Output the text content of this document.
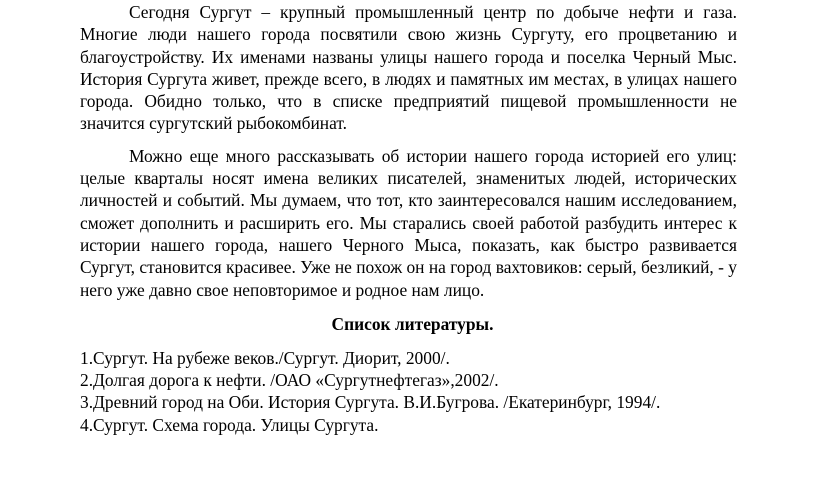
Сегодня Сургут – крупный промышленный центр по добыче нефти и газа. Многие люди нашего города посвятили свою жизнь Сургуту, его процветанию и благоустройству. Их именами названы улицы нашего города и поселка Черный Мыс. История Сургута живет, прежде всего, в людях и памятных им местах, в улицах нашего города. Обидно только, что в списке предприятий пищевой промышленности не значится сургутский рыбокомбинат.

Можно еще много рассказывать об истории нашего города историей его улиц: целые кварталы носят имена великих писателей, знаменитых людей, исторических личностей и событий. Мы думаем, что тот, кто заинтересовался нашим исследованием, сможет дополнить и расширить его. Мы старались своей работой разбудить интерес к истории нашего города, нашего Черного Мыса, показать, как быстро развивается Сургут, становится красивее. Уже не похож он на город вахтовиков: серый, безликий, - у него уже давно свое неповторимое и родное нам лицо.

Список литературы.
1.Сургут. На рубеже веков./Сургут. Диорит, 2000/.
2.Долгая дорога к нефти. /ОАО «Сургутнефтегаз»,2002/.
3.Древний город на Оби. История Сургута. В.И.Бугрова. /Екатеринбург, 1994/.
4.Сургут. Схема города. Улицы Сургута.
